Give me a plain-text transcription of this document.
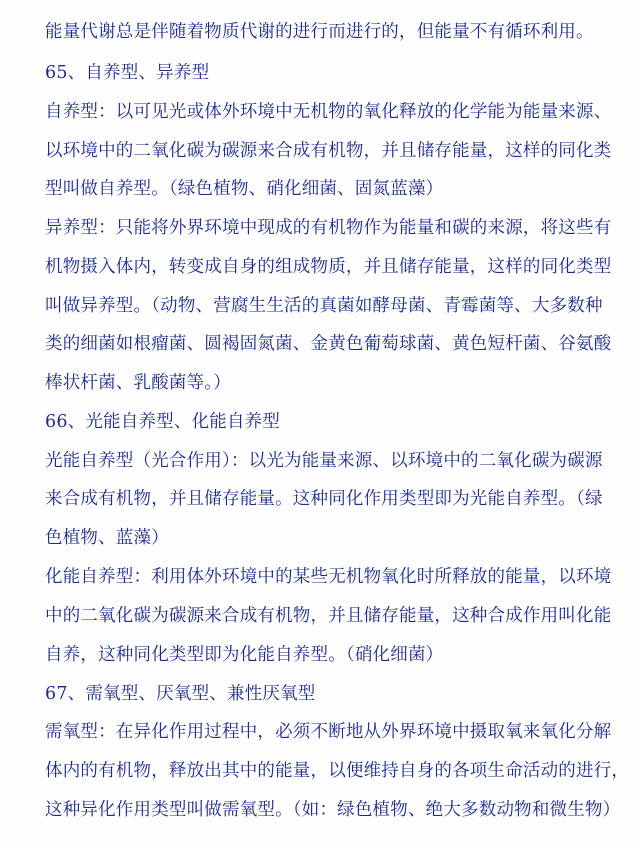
能量代谢总是伴随着物质代谢的进行而进行的，但能量不有循环利用。
65、自养型、异养型
自养型：以可见光或体外环境中无机物的氧化释放的化学能为能量来源、
以环境中的二氧化碳为碳源来合成有机物，并且储存能量，这样的同化类
型叫做自养型。（绿色植物、硝化细菌、固氮蓝藻）
异养型：只能将外界环境中现成的有机物作为能量和碳的来源，将这些有
机物摄入体内，转变成自身的组成物质，并且储存能量，这样的同化类型
叫做异养型。（动物、营腐生生活的真菌如酵母菌、青霉菌等、大多数种
类的细菌如根瘤菌、圆褐固氮菌、金黄色葡萄球菌、黄色短杆菌、谷氨酸
棒状杆菌、乳酸菌等。）
66、光能自养型、化能自养型
光能自养型（光合作用）：以光为能量来源、以环境中的二氧化碳为碳源
来合成有机物，并且储存能量。这种同化作用类型即为光能自养型。（绿
色植物、蓝藻）
化能自养型：利用体外环境中的某些无机物氧化时所释放的能量，以环境
中的二氧化碳为碳源来合成有机物，并且储存能量，这种合成作用叫化能
自养，这种同化类型即为化能自养型。（硝化细菌）
67、需氧型、厌氧型、兼性厌氧型
需氧型：在异化作用过程中，必须不断地从外界环境中摄取氧来氧化分解
体内的有机物，释放出其中的能量，以便维持自身的各项生命活动的进行，
这种异化作用类型叫做需氧型。（如：绿色植物、绝大多数动物和微生物）
